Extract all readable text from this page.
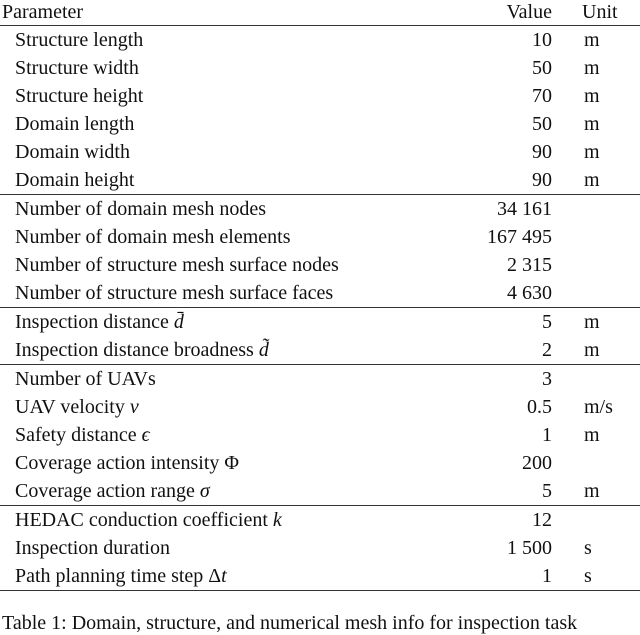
Parameter	Value Unit
Structure length	10 m
Structure width	50 m
Structure height	70 m
Domain length	50 m
Domain width	90 m
Domain height	90 m
Number of domain mesh nodes	34 161
Number of domain mesh elements	167 495
Number of structure mesh surface nodes	2 315
Number of structure mesh surface faces	4 630
Inspection distance d̄	5 m
Inspection distance broadness d̃	2 m
Number of UAVs	3
UAV velocity v	0.5 m/s
Safety distance ϵ	1 m
Coverage action intensity Φ	200
Coverage action range σ	5 m
HEDAC conduction coefficient k	12
Inspection duration	1 500 s
Path planning time step Δt	1 s
Table 1: Domain, structure, and numerical mesh info for inspection task
